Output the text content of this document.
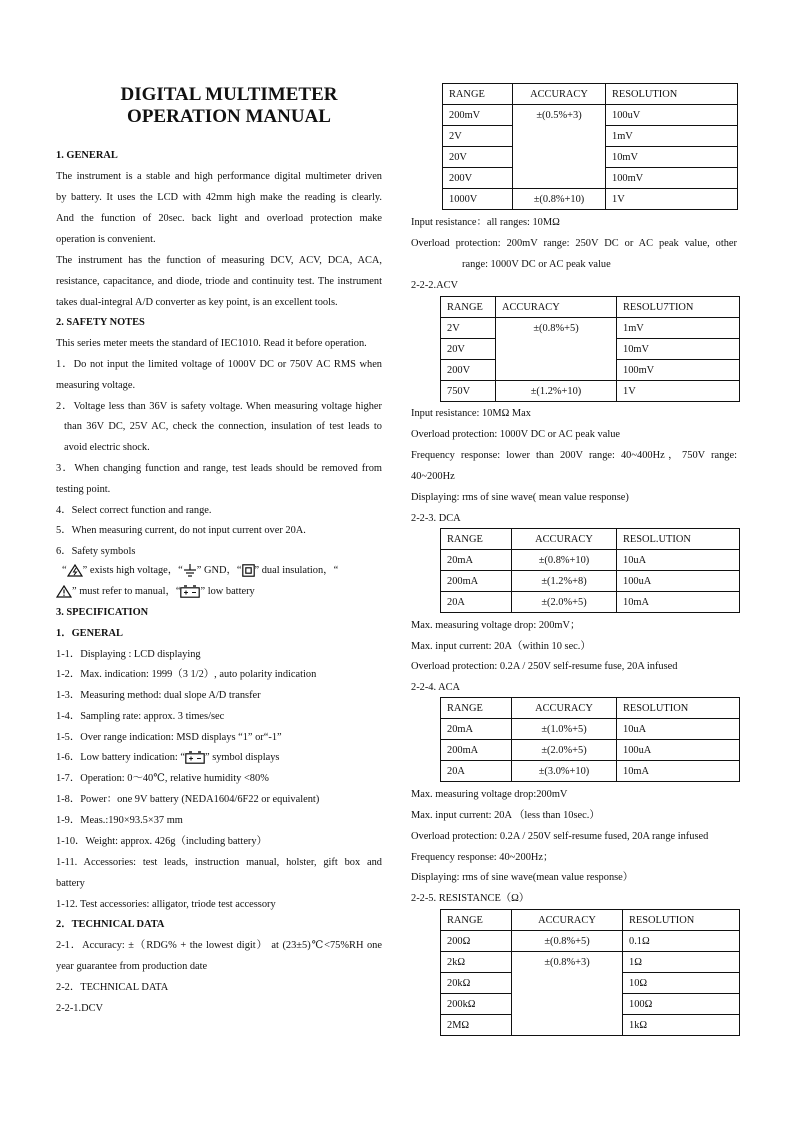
DIGITAL MULTIMETER
OPERATION MANUAL
1. GENERAL
The instrument is a stable and high performance digital multimeter driven
by battery. It uses the LCD with 42mm high make the reading is clearly.
And the function of 20sec. back light and overload protection make
operation is convenient.
The instrument has the function of measuring DCV, ACV, DCA, ACA,
resistance, capacitance, and diode, triode and continuity test. The instrument
takes dual-integral A/D converter as key point, is an excellent tools.
2. SAFETY NOTES
This series meter meets the standard of IEC1010. Read it before operation.
1．Do not input the limited voltage of 1000V DC or 750V AC RMS when
measuring voltage.
2．Voltage less than 36V is safety voltage. When measuring voltage higher
than 36V DC, 25V AC, check the connection, insulation of test leads to
avoid electric shock.
3．When changing function and range, test leads should be removed from
testing point.
4．Select correct function and range.
5．When measuring current, do not input current over 20A.
6．Safety symbols
“ ” exists high voltage，“ ” GND，“ ” dual insulation，“
” must refer to manual，“ ” low battery
3. SPECIFICATION
1．GENERAL
1-1．Displaying : LCD displaying
1-2．Max. indication: 1999（3 1/2）, auto polarity indication
1-3．Measuring method: dual slope A/D transfer
1-4．Sampling rate: approx. 3 times/sec
1-5．Over range indication: MSD displays “1” or“-1”
1-6．Low battery indication: “ ” symbol displays
1-7．Operation: 0～40℃, relative humidity <80%
1-8．Power：one 9V battery (NEDA1604/6F22 or equivalent)
1-9．Meas.:190×93.5×37 mm
1-10．Weight: approx. 426g（including battery）
1-11. Accessories: test leads, instruction manual, holster, gift box and
battery
1-12. Test accessories: alligator, triode test accessory
2．TECHNICAL DATA
2-1．Accuracy: ±（RDG% + the lowest digit） at (23±5)℃<75%RH one
year guarantee from production date
2-2．TECHNICAL DATA
2-2-1.DCV
RANGE	ACCURACY	RESOLUTION
200mV	±(0.5%+3)	100uV
2V		1mV
20V		10mV
200V		100mV
1000V	±(0.8%+10)	1V
Input resistance：all ranges: 10MΩ
Overload protection: 200mV range: 250V DC or AC peak value, other
range: 1000V DC or AC peak value
2-2-2.ACV
RANGE	ACCURACY	RESOLU7TION
2V	±(0.8%+5)	1mV
20V		10mV
200V		100mV
750V	±(1.2%+10)	1V
Input resistance: 10MΩ Max
Overload protection: 1000V DC or AC peak value
Frequency response: lower than 200V range: 40~400Hz，750V range:
40~200Hz
Displaying: rms of sine wave( mean value response)
2-2-3. DCA
RANGE	ACCURACY	RESOL.UTION
20mA	±(0.8%+10)	10uA
200mA	±(1.2%+8)	100uA
20A	±(2.0%+5)	10mA
Max. measuring voltage drop: 200mV；
Max. input current: 20A（within 10 sec.）
Overload protection: 0.2A / 250V self-resume fuse, 20A infused
2-2-4. ACA
RANGE	ACCURACY	RESOLUTION
20mA	±(1.0%+5)	10uA
200mA	±(2.0%+5)	100uA
20A	±(3.0%+10)	10mA
Max. measuring voltage drop:200mV
Max. input current: 20A （less than 10sec.）
Overload protection: 0.2A / 250V self-resume fused, 20A range infused
Frequency response: 40~200Hz；
Displaying: rms of sine wave(mean value response）
2-2-5. RESISTANCE（Ω）
RANGE	ACCURACY	RESOLUTION
200Ω	±(0.8%+5)	0.1Ω
2kΩ	±(0.8%+3)	1Ω
20kΩ		10Ω
200kΩ		100Ω
2MΩ		1kΩ
